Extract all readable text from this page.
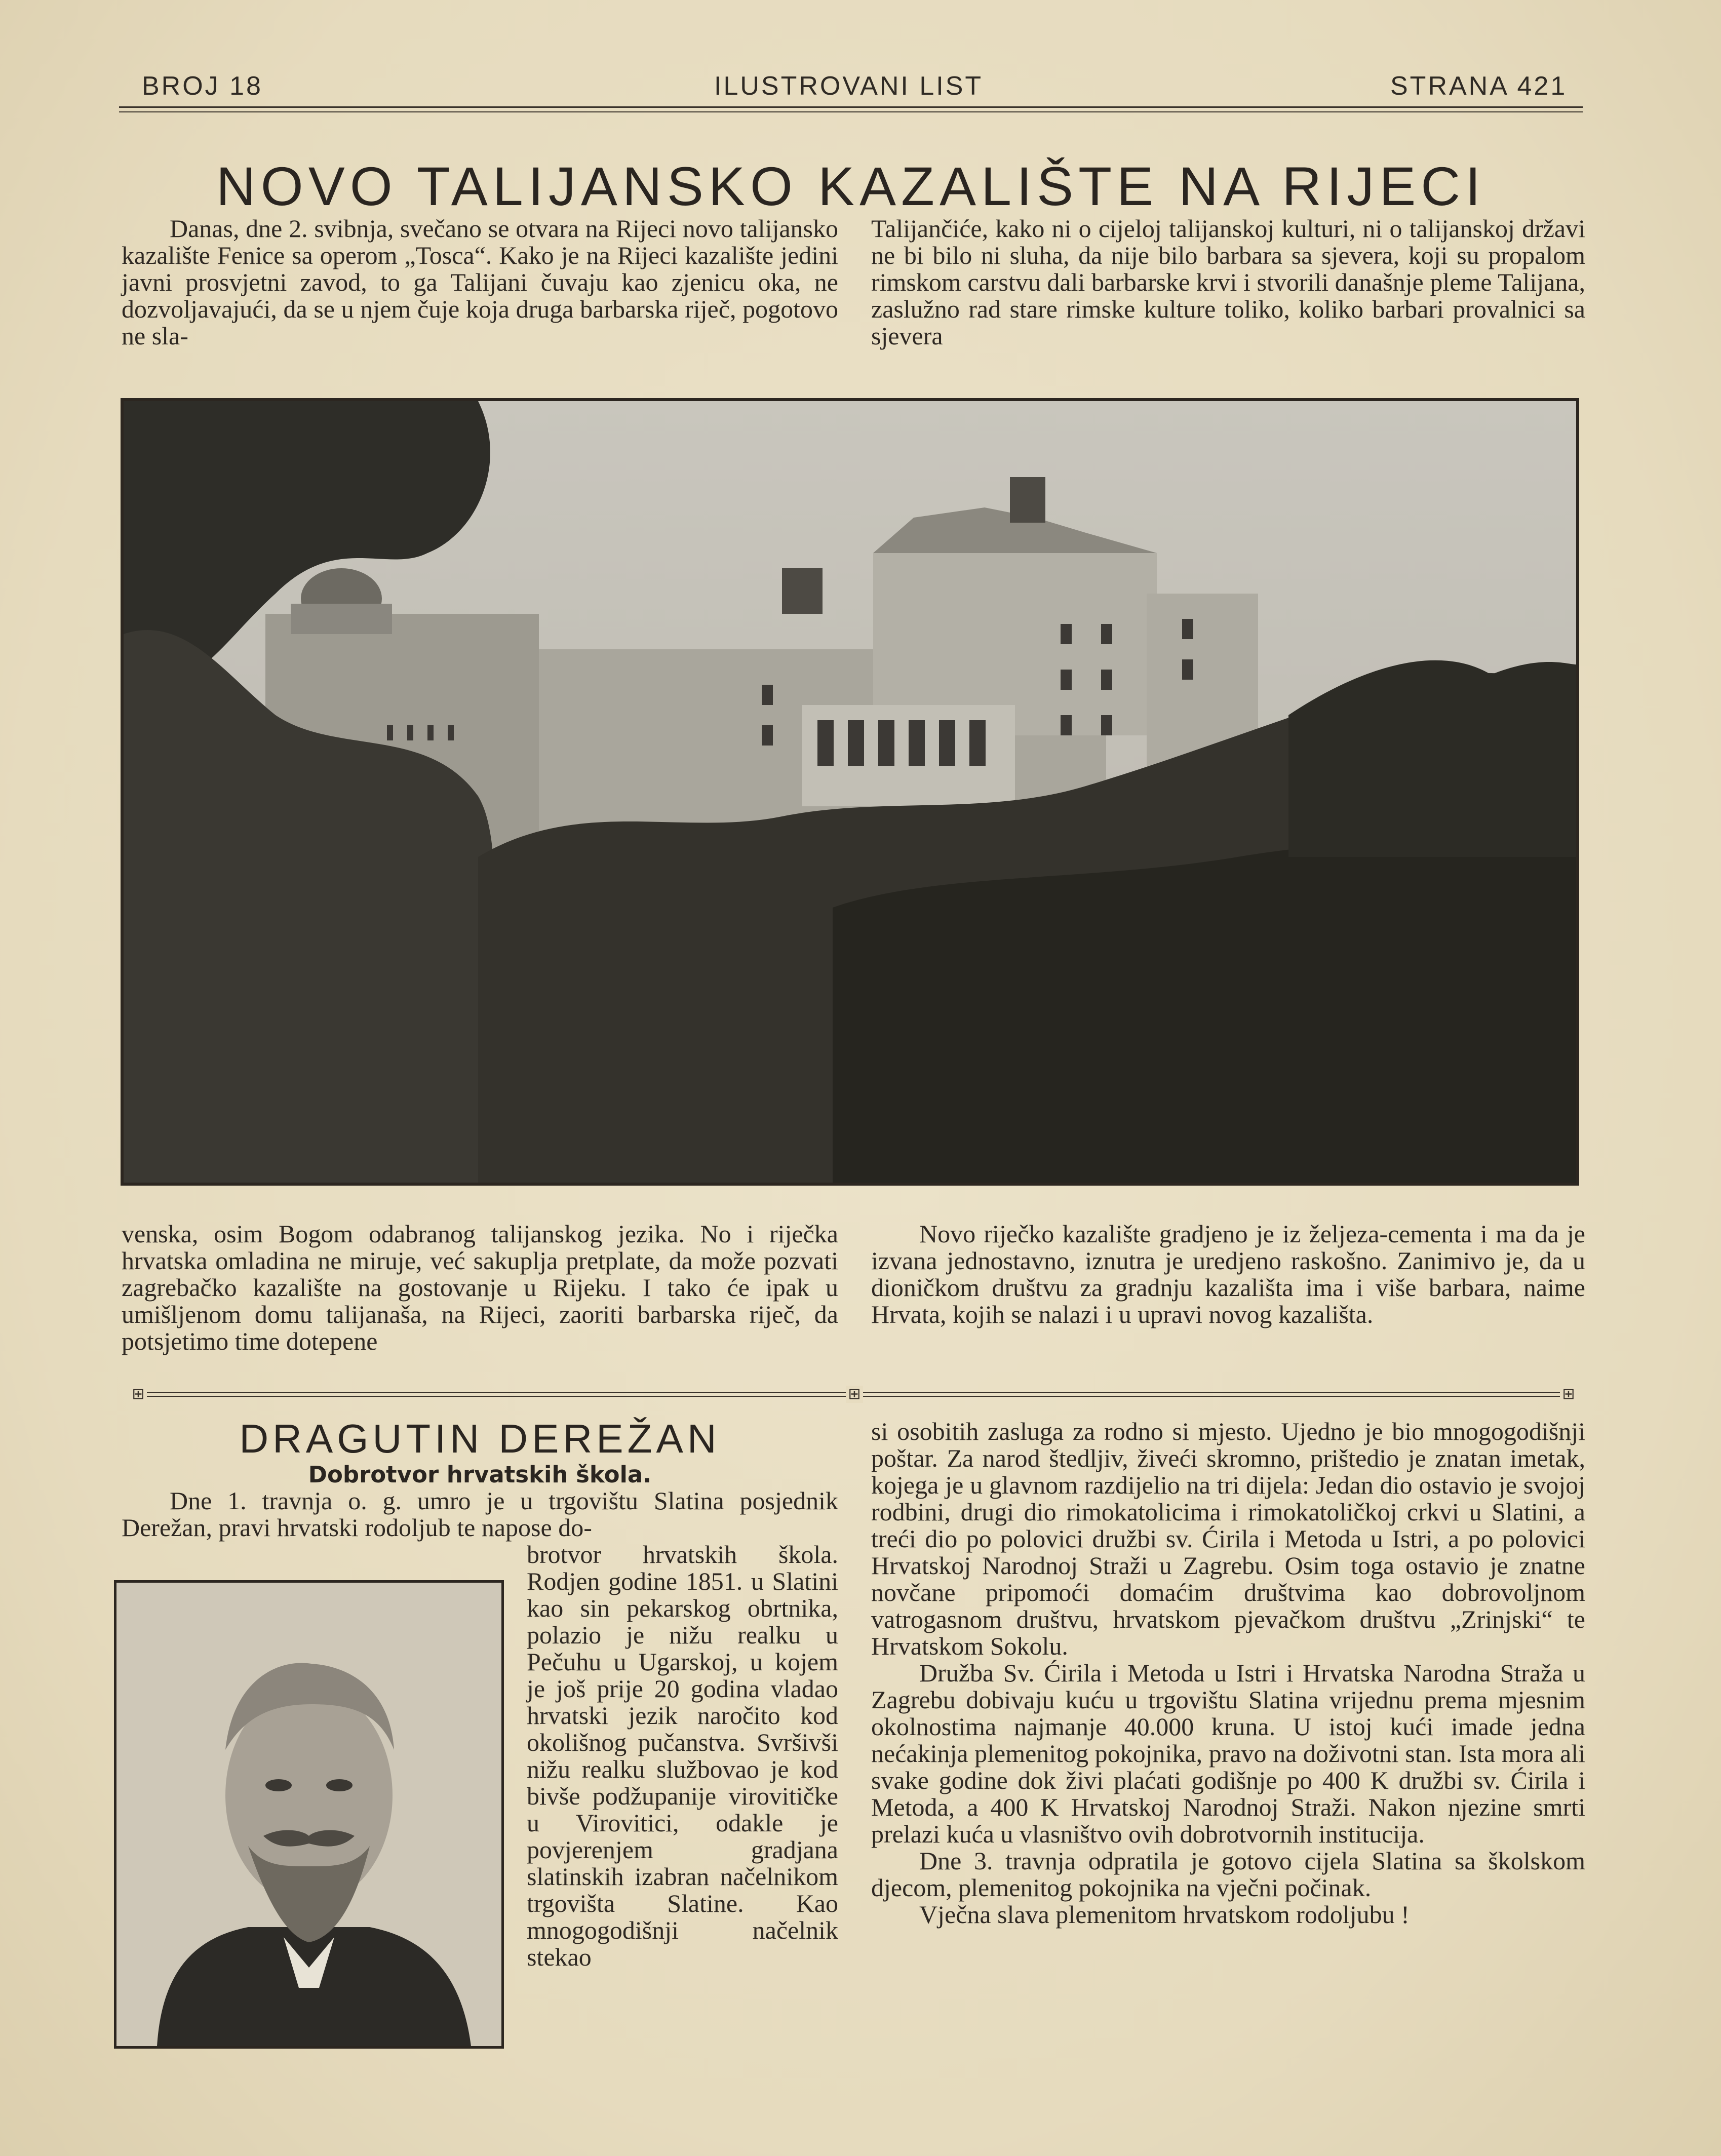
BROJ 18	ILUSTROVANI LIST	STRANA 421
NOVO TALIJANSKO KAZALIŠTE NA RIJECI

Danas, dne 2. svibnja, svečano se otvara na Rijeci novo talijansko kazalište Fenice sa operom „Tosca“. Kako je na Rijeci kazalište jedini javni prosvjetni zavod, to ga Talijani čuvaju kao zjenicu oka, ne dozvoljavajući, da se u njem čuje koja druga barbarska riječ, pogotovo ne sla-

Talijančiće, kako ni o cijeloj talijanskoj kulturi, ni o talijanskoj državi ne bi bilo ni sluha, da nije bilo barbara sa sjevera, koji su propalom rimskom carstvu dali barbarske krvi i stvorili današnje pleme Talijana, zaslužno rad stare rimske kulture toliko, koliko barbari provalnici sa sjevera

venska, osim Bogom odabranog talijanskog jezika. No i riječka hrvatska omladina ne miruje, već sakuplja pretplate, da može pozvati zagrebačko kazalište na gostovanje u Rijeku. I tako će ipak u umišljenom domu talijanaša, na Rijeci, zaoriti barbarska riječ, da potsjetimo time dotepene

Novo riječko kazalište gradjeno je iz željeza-cementa i ma da je izvana jednostavno, iznutra je uredjeno raskošno. Zanimivo je, da u dioničkom društvu za gradnju kazališta ima i više barbara, naime Hrvata, kojih se nalazi i u upravi novog kazališta.

⊞	⊞	⊞
DRAGUTIN DEREŽAN
Dobrotvor hrvatskih škola.

Dne 1. travnja o. g. umro je u trgovištu Slatina posjednik Derežan, pravi hrvatski rodoljub te napose do-

brotvor hrvatskih škola. Rodjen godine 1851. u Slatini kao sin pekarskog obrtnika, polazio je nižu realku u Pečuhu u Ugarskoj, u kojem je još prije 20 godina vladao hrvatski jezik naročito kod okolišnog pučanstva. Svršivši nižu realku službovao je kod bivše podžupanije virovitičke u Virovitici, odakle je povjerenjem gradjana slatinskih izabran načelnikom trgovišta Slatine. Kao mnogogodišnji načelnik stekao

si osobitih zasluga za rodno si mjesto. Ujedno je bio mnogogodišnji poštar. Za narod štedljiv, živeći skromno, prištedio je znatan imetak, kojega je u glavnom razdijelio na tri dijela: Jedan dio ostavio je svojoj rodbini, drugi dio rimokatolicima i rimokatoličkoj crkvi u Slatini, a treći dio po polovici družbi sv. Ćirila i Metoda u Istri, a po polovici Hrvatskoj Narodnoj Straži u Zagrebu. Osim toga ostavio je znatne novčane pripomoći domaćim društvima kao dobrovoljnom vatrogasnom društvu, hrvatskom pjevačkom društvu „Zrinjski“ te Hrvatskom Sokolu.

Družba Sv. Ćirila i Metoda u Istri i Hrvatska Narodna Straža u Zagrebu dobivaju kuću u trgovištu Slatina vrijednu prema mjesnim okolnostima najmanje 40.000 kruna. U istoj kući imade jedna nećakinja plemenitog pokojnika, pravo na doživotni stan. Ista mora ali svake godine dok živi plaćati godišnje po 400 K družbi sv. Ćirila i Metoda, a 400 K Hrvatskoj Narodnoj Straži. Nakon njezine smrti prelazi kuća u vlasništvo ovih dobrotvornih institucija.

Dne 3. travnja odpratila je gotovo cijela Slatina sa školskom djecom, plemenitog pokojnika na vječni počinak.

Vječna slava plemenitom hrvatskom rodoljubu !
